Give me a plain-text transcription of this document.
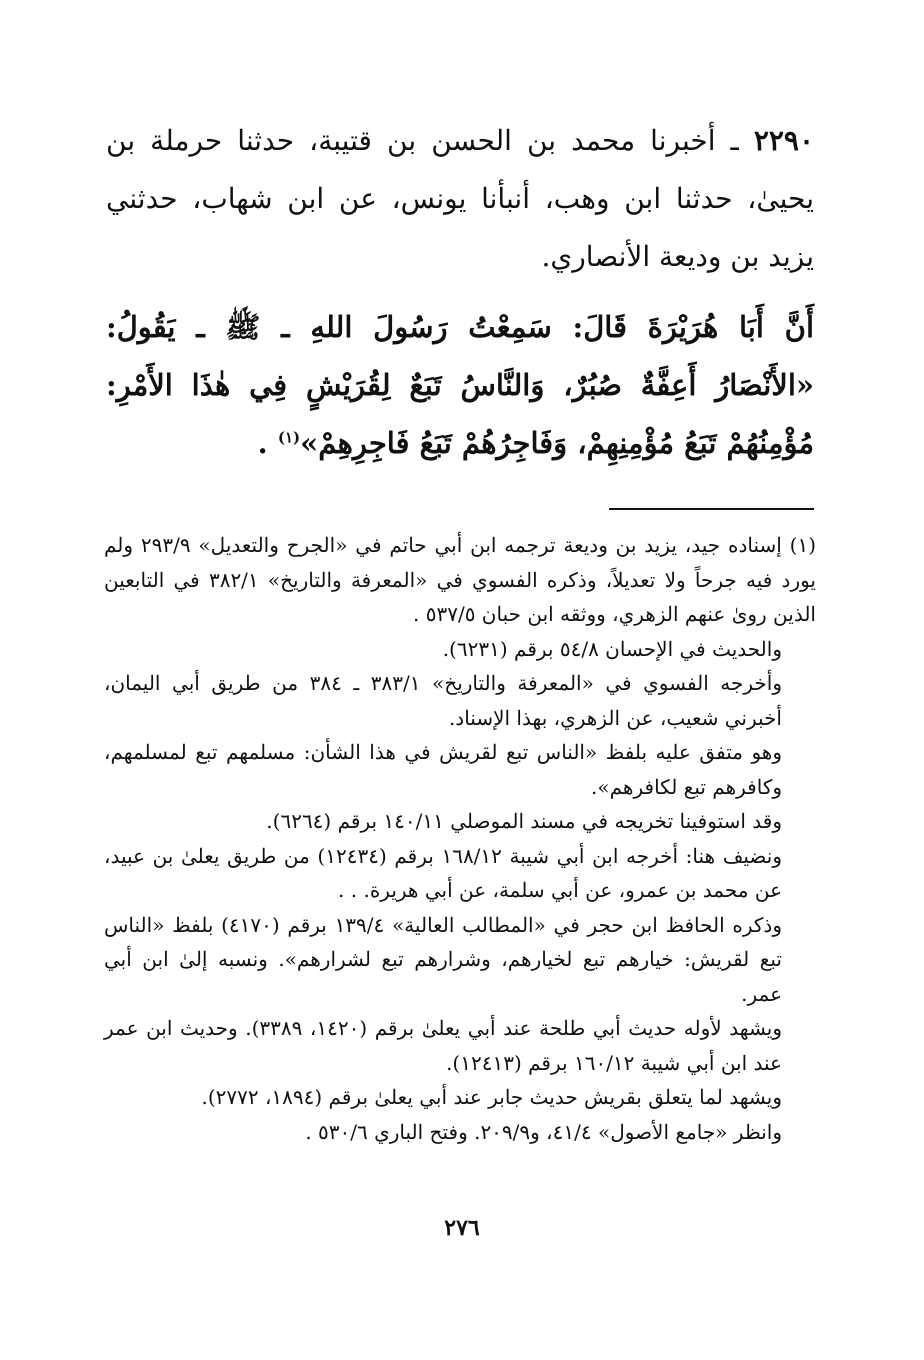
٢٢٩٠ ـ أخبرنا محمد بن الحسن بن قتيبة، حدثنا حرملة بن يحيىٰ، حدثنا ابن وهب، أنبأنا يونس، عن ابن شهاب، حدثني يزيد بن وديعة الأنصاري.

أَنَّ أَبَا هُرَيْرَةَ قَالَ: سَمِعْتُ رَسُولَ اللهِ ـ ﷺ ـ يَقُولُ: «الأَنْصَارُ أَعِفَّةٌ صُبُرٌ، وَالنَّاسُ تَبَعٌ لِقُرَيْشٍ فِي هٰذَا الأَمْرِ: مُؤْمِنُهُمْ تَبَعُ مُؤْمِنِهِمْ، وَفَاجِرُهُمْ تَبَعُ فَاجِرِهِمْ»$^{(١)}$ .

(١) إسناده جيد، يزيد بن وديعة ترجمه ابن أبي حاتم في «الجرح والتعديل» ٢٩٣/٩ ولم يورد فيه جرحاً ولا تعديلاً، وذكره الفسوي في «المعرفة والتاريخ» ٣٨٢/١ في التابعين الذين روىٰ عنهم الزهري، ووثقه ابن حبان ٥٣٧/٥ .

والحديث في الإحسان ٥٤/٨ برقم (٦٢٣١).

وأخرجه الفسوي في «المعرفة والتاريخ» ٣٨٣/١ ـ ٣٨٤ من طريق أبي اليمان، أخبرني شعيب، عن الزهري، بهذا الإسناد.

وهو متفق عليه بلفظ «الناس تبع لقريش في هذا الشأن: مسلمهم تبع لمسلمهم، وكافرهم تبع لكافرهم».

وقد استوفينا تخريجه في مسند الموصلي ١٤٠/١١ برقم (٦٢٦٤).

ونضيف هنا: أخرجه ابن أبي شيبة ١٦٨/١٢ برقم (١٢٤٣٤) من طريق يعلىٰ بن عبيد، عن محمد بن عمرو، عن أبي سلمة، عن أبي هريرة. . .

وذكره الحافظ ابن حجر في «المطالب العالية» ١٣٩/٤ برقم (٤١٧٠) بلفظ «الناس تبع لقريش: خيارهم تبع لخيارهم، وشرارهم تبع لشرارهم». ونسبه إلىٰ ابن أبي عمر.

ويشهد لأوله حديث أبي طلحة عند أبي يعلىٰ برقم (١٤٢٠، ٣٣٨٩). وحديث ابن عمر عند ابن أبي شيبة ١٦٠/١٢ برقم (١٢٤١٣).

ويشهد لما يتعلق بقريش حديث جابر عند أبي يعلىٰ برقم (١٨٩٤، ٢٧٧٢).

وانظر «جامع الأصول» ٤١/٤، و٢٠٩/٩. وفتح الباري ٥٣٠/٦ .

٢٧٦
